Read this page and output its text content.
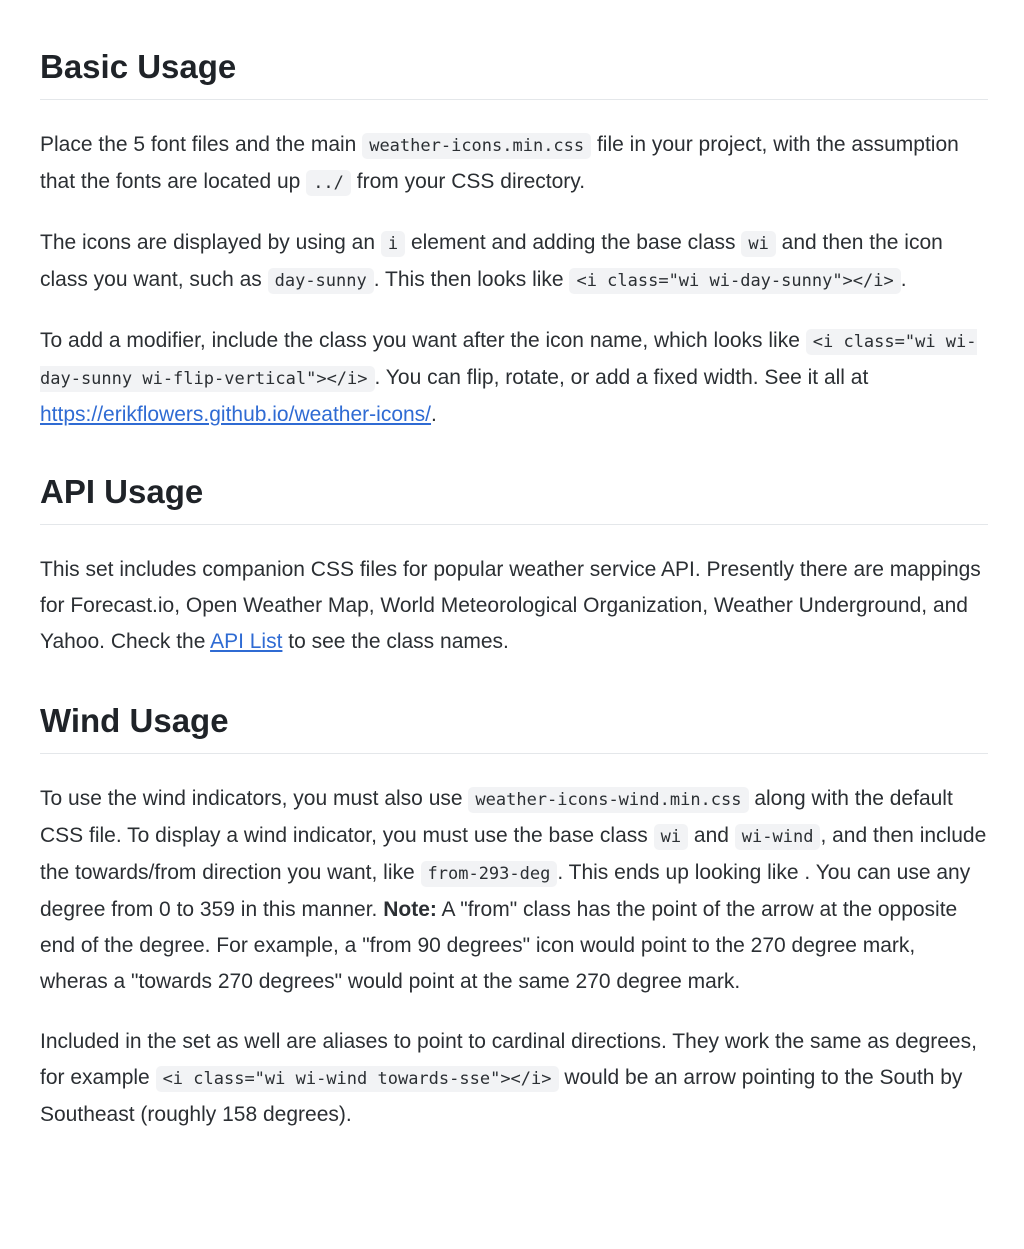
Basic Usage

Place the 5 font files and the main weather-icons.min.css file in your project, with the assumption that the fonts are located up ../ from your CSS directory.

The icons are displayed by using an i element and adding the base class wi and then the icon class you want, such as day-sunny . This then looks like <i class="wi wi-day-sunny"></i> .

To add a modifier, include the class you want after the icon name, which looks like <i class="wi wi-day-sunny wi-flip-vertical"></i> . You can flip, rotate, or add a fixed width. See it all at https://erikflowers.github.io/weather-icons/.

API Usage

This set includes companion CSS files for popular weather service API. Presently there are mappings for Forecast.io, Open Weather Map, World Meteorological Organization, Weather Underground, and Yahoo. Check the API List to see the class names.

Wind Usage

To use the wind indicators, you must also use weather-icons-wind.min.css along with the default CSS file. To display a wind indicator, you must use the base class wi and wi-wind , and then include the towards/from direction you want, like from-293-deg . This ends up looking like . You can use any degree from 0 to 359 in this manner. Note: A "from" class has the point of the arrow at the opposite end of the degree. For example, a "from 90 degrees" icon would point to the 270 degree mark, wheras a "towards 270 degrees" would point at the same 270 degree mark.

Included in the set as well are aliases to point to cardinal directions. They work the same as degrees, for example <i class="wi wi-wind towards-sse"></i> would be an arrow pointing to the South by Southeast (roughly 158 degrees).
